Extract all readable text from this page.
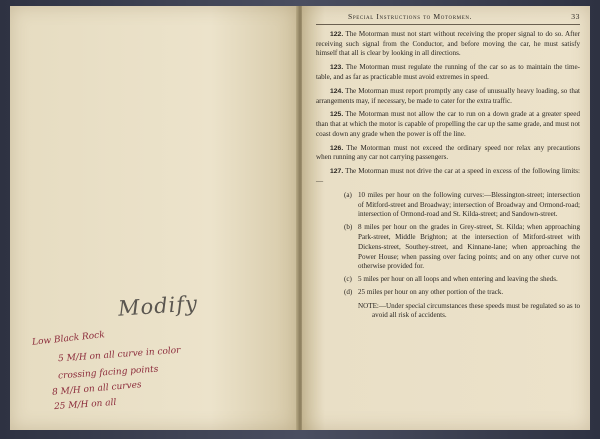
Modify
Low Black Rock
5 M/H on all curve in color
crossing facing points
8 M/H on all curves
25 M/H on all
Special Instructions to Motormen.	33

122. The Motorman must not start without receiving the proper signal to do so. After receiving such signal from the Conductor, and before moving the car, he must satisfy himself that all is clear by looking in all directions.

123. The Motorman must regulate the running of the car so as to maintain the time-table, and as far as practicable must avoid extremes in speed.

124. The Motorman must report promptly any case of unusually heavy loading, so that arrangements may, if necessary, be made to cater for the extra traffic.

125. The Motorman must not allow the car to run on a down grade at a greater speed than that at which the motor is capable of propelling the car up the same grade, and must not coast down any grade when the power is off the line.

126. The Motorman must not exceed the ordinary speed nor relax any precautions when running any car not carrying passengers.

127. The Motorman must not drive the car at a speed in excess of the following limits:—

(a) 10 miles per hour on the following curves:—Blessington-street; intersection of Mitford-street and Broadway; intersection of Broadway and Ormond-road; intersection of Ormond-road and St. Kilda-street; and Sandown-street.

(b) 8 miles per hour on the grades in Grey-street, St. Kilda; when approaching Park-street, Middle Brighton; at the intersection of Mitford-street with Dickens-street, Southey-street, and Kinnane-lane; when approaching the Power House; when passing over facing points; and on any other curve not otherwise provided for.

(c) 5 miles per hour on all loops and when entering and leaving the sheds.

(d) 25 miles per hour on any other portion of the track.

NOTE:—Under special circumstances these speeds must be regulated so as to avoid all risk of accidents.
